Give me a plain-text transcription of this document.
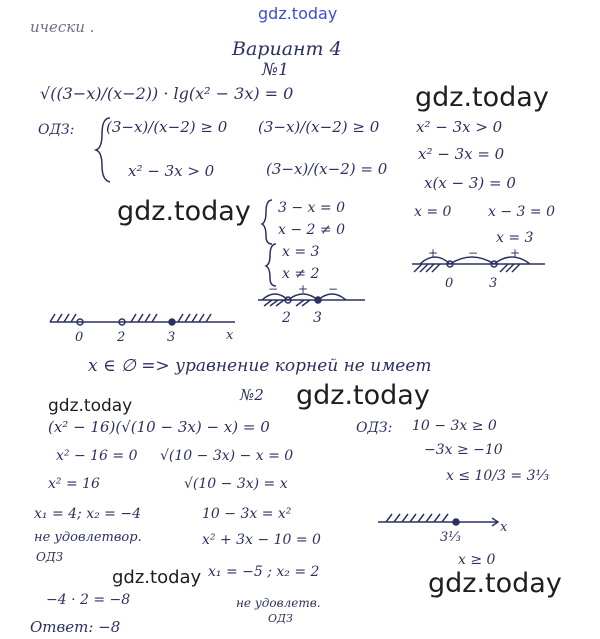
gdz.today
gdz.today
gdz.today
gdz.today
gdz.today
gdz.today	gdz.today
ически .
Вариант 4
№1
√((3−x)/(x−2)) · lg(x² − 3x) = 0
ОДЗ: (3−x)/(x−2) ≥ 0
x² − 3x > 0
(3−x)/(x−2) ≥ 0
(3−x)/(x−2) = 0
3 − x = 0
x − 2 ≠ 0
x = 3
x ≠ 2
x² − 3x > 0
x² − 3x = 0
x(x − 3) = 0
x = 0	x − 3 = 0
x = 3
0	2	3	x
2 3
0	3
− + −
+ −	+
x ∈ ∅ => уравнение корней не имеет
№2
(x² − 16)(√(10 − 3x) − x) = 0
x² − 16 = 0
x² = 16
x₁ = 4; x₂ = −4
не удовлетвор.
ОДЗ
−4 · 2 = −8
Ответ: −8
√(10 − 3x) − x = 0
√(10 − 3x) = x
10 − 3x = x²
x² + 3x − 10 = 0
x₁ = −5 ; x₂ = 2
не удовлетв.
ОДЗ
ОДЗ: 10 − 3x ≥ 0
−3x ≥ −10
x ≤ 10/3 = 3⅓
3⅓
x
x ≥ 0
